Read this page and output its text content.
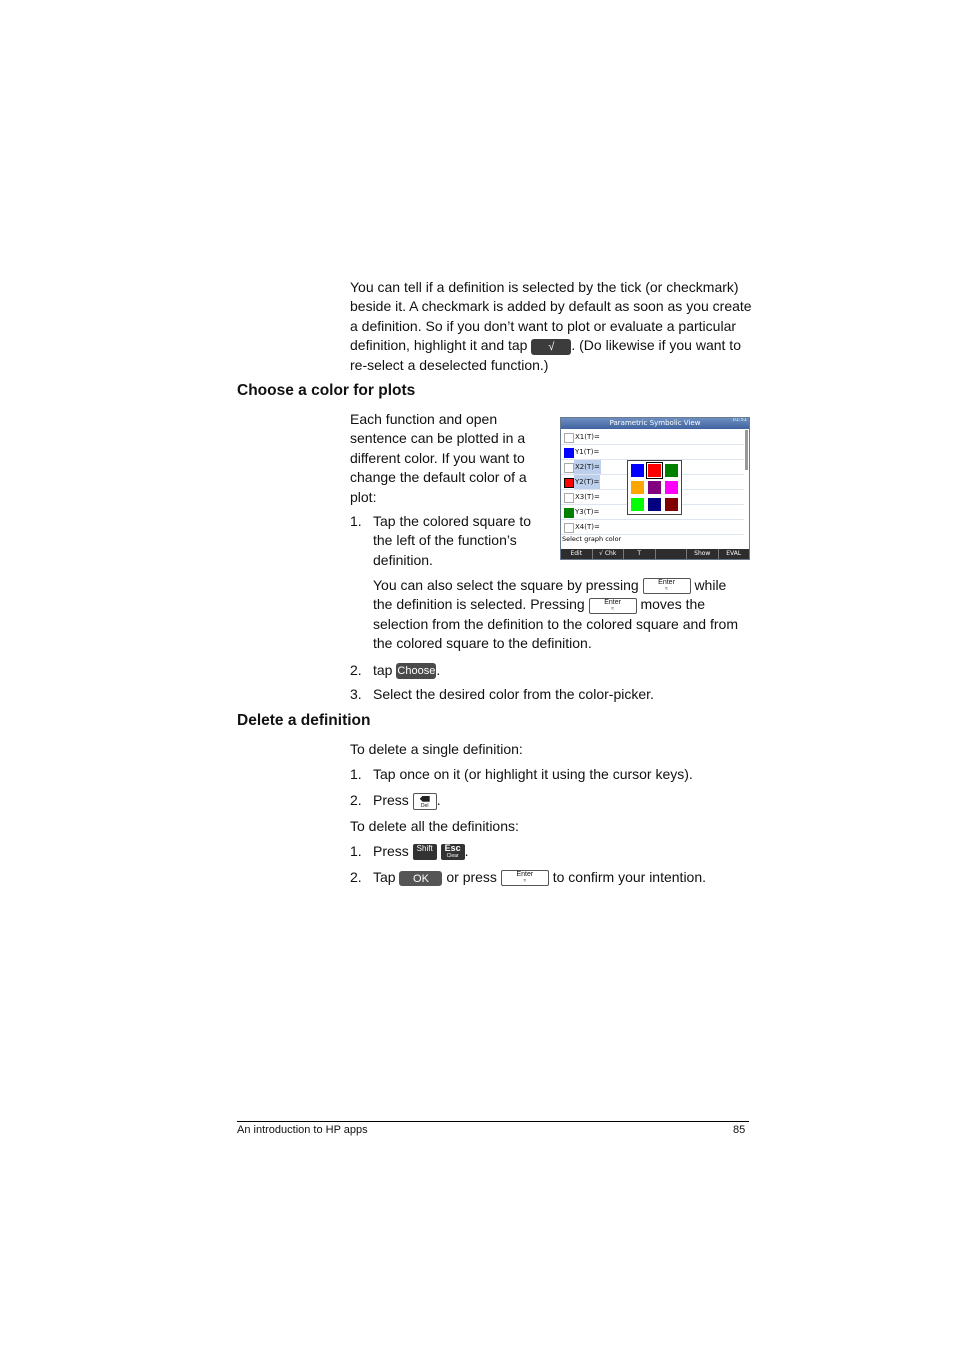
You can tell if a definition is selected by the tick (or checkmark)
beside it. A checkmark is added by default as soon as you create
a definition. So if you don’t want to plot or evaluate a particular
definition, highlight it and tap √ . (Do likewise if you want to
re-select a deselected function.)
Choose a color for plots
Each function and open
sentence can be plotted in a
different color. If you want to
change the default color of a
plot:
1. Tap the colored square to
the left of the function’s
definition.
Parametric Symbolic View	01:51
X1(T)=
Y1(T)=
X2(T)=
Y2(T)=
X3(T)=
Y3(T)=
X4(T)=
Select graph color
Edit	√ Chk	T	Show	EVAL
You can also select the square by pressing	Enter
≈	while
the definition is selected. Pressing	Enter
≈	moves the
selection from the definition to the colored square and from
the colored square to the definition.
2. tap Choose.
3. Select the desired color from the color-picker.
Delete a definition
To delete a single definition:
1. Tap once on it (or highlight it using the cursor keys).
2. Press	Del .
To delete all the definitions:
1. Press Shift	Esc
Clear .
2. Tap OK or press	Enter
≈	to confirm your intention.
An introduction to HP apps	85
